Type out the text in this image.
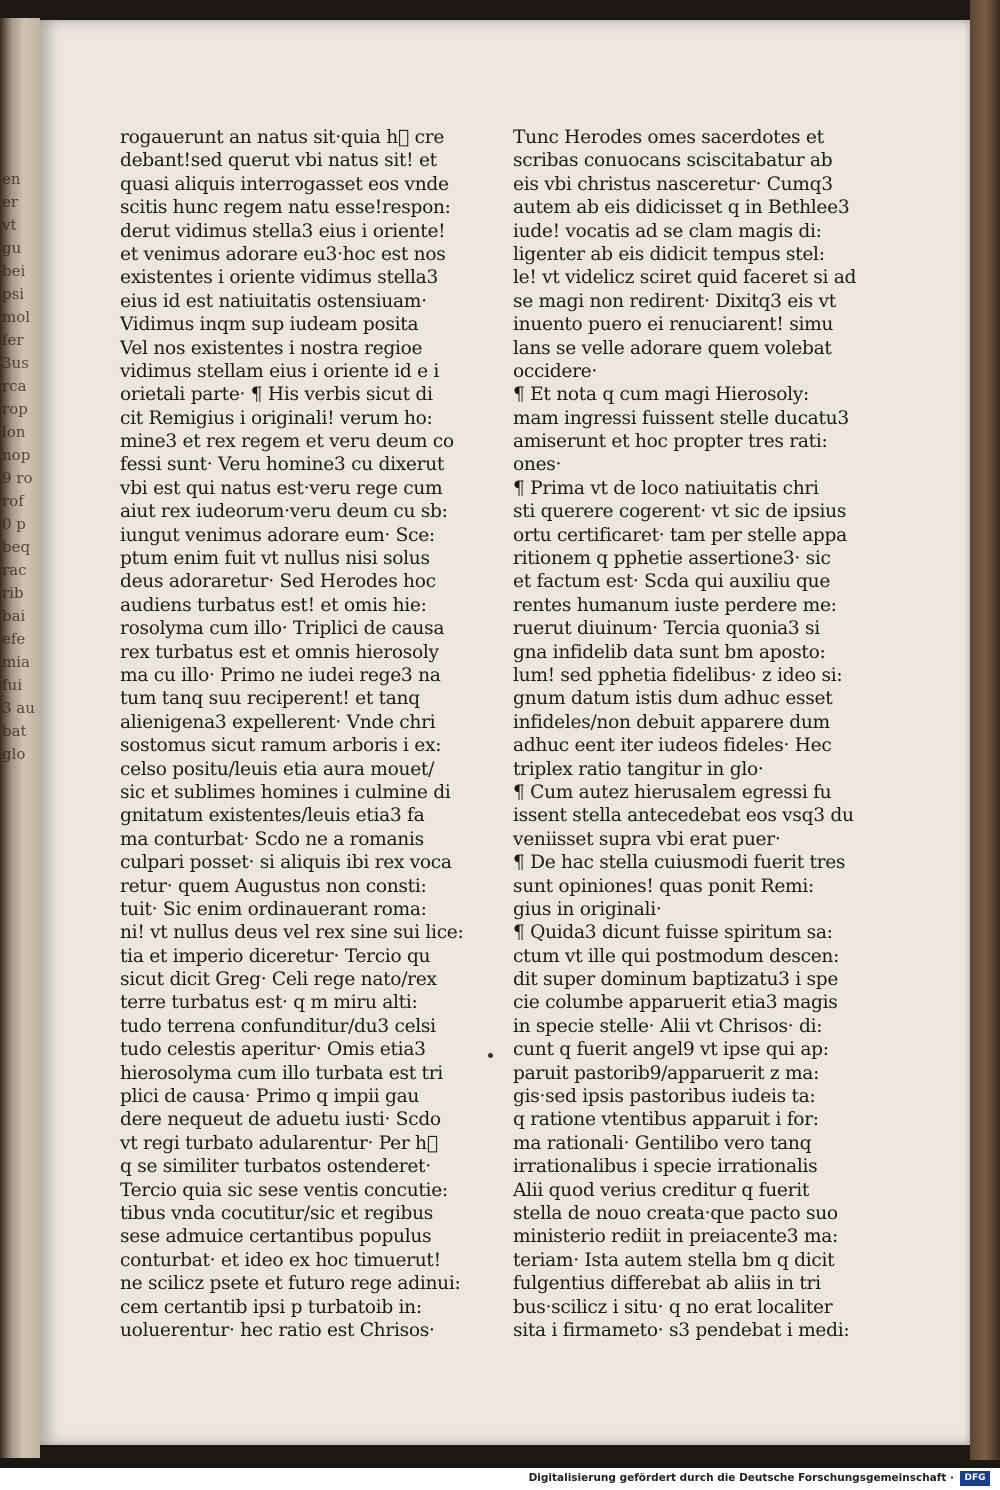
en
er
vt
gu
bei
psi
mol
fer
3us
rca
rop
lon
nop
9 ro
rof
0 p
beq
rac
rib
bai
efe
mia
fui
3 au
bat
glo
rogauerunt an natus sit·quia hᷓ cre
debant!sed querut vbi natus sit! et
quasi aliquis interrogasset eos vnde
scitis hunc regem natu esse!respon:
derut vidimus stella3 eius i oriente!
et venimus adorare eu3·hoc est nos
existentes i oriente vidimus stella3
eius id est natiuitatis ostensiuam·
Vidimus inqm sup iudeam posita
Vel nos existentes i nostra regioe
vidimus stellam eius i oriente id e i
orietali parte· ¶ His verbis sicut di
cit Remigius i originali! verum ho:
mine3 et rex regem et veru deum co
fessi sunt· Veru homine3 cu dixerut
vbi est qui natus est·veru rege cum
aiut rex iudeorum·veru deum cu sb:
iungut venimus adorare eum· Sce:
ptum enim fuit vt nullus nisi solus
deus adoraretur· Sed Herodes hoc
audiens turbatus est! et omis hie:
rosolyma cum illo· Triplici de causa
rex turbatus est et omnis hierosoly
ma cu illo· Primo ne iudei rege3 na
tum tanq suu reciperent! et tanq
alienigena3 expellerent· Vnde chri
sostomus sicut ramum arboris i ex:
celso positu/leuis etia aura mouet/
sic et sublimes homines i culmine di
gnitatum existentes/leuis etia3 fa
ma conturbat· Scdo ne a romanis
culpari posset· si aliquis ibi rex voca
retur· quem Augustus non consti:
tuit· Sic enim ordinauerant roma:
ni! vt nullus deus vel rex sine sui lice:
tia et imperio diceretur· Tercio qu
sicut dicit Greg· Celi rege nato/rex
terre turbatus est· q m miru alti:
tudo terrena confunditur/du3 celsi
tudo celestis aperitur· Omis etia3
hierosolyma cum illo turbata est tri
plici de causa· Primo q impii gau
dere nequeut de aduetu iusti· Scdo
vt regi turbato adularentur· Per hᷓ
q se similiter turbatos ostenderet·
Tercio quia sic sese ventis concutie:
tibus vnda cocutitur/sic et regibus
sese admuice certantibus populus
conturbat· et ideo ex hoc timuerut!
ne scilicz psete et futuro rege adinui:
cem certantib ipsi p turbatoib in:
uoluerentur· hec ratio est Chrisos·
Tunc Herodes omes sacerdotes et
scribas conuocans sciscitabatur ab
eis vbi christus nasceretur· Cumq3
autem ab eis didicisset q in Bethlee3
iude! vocatis ad se clam magis di:
ligenter ab eis didicit tempus stel:
le! vt videlicz sciret quid faceret si ad
se magi non redirent· Dixitq3 eis vt
inuento puero ei renuciarent! simu
lans se velle adorare quem volebat
occidere·
¶ Et nota q cum magi Hierosoly:
mam ingressi fuissent stelle ducatu3
amiserunt et hoc propter tres rati:
ones·
¶ Prima vt de loco natiuitatis chri
sti querere cogerent· vt sic de ipsius
ortu certificaret· tam per stelle appa
ritionem q pphetie assertione3· sic
et factum est· Scda qui auxiliu que
rentes humanum iuste perdere me:
ruerut diuinum· Tercia quonia3 si
gna infidelib data sunt bm aposto:
lum! sed pphetia fidelibus· z ideo si:
gnum datum istis dum adhuc esset
infideles/non debuit apparere dum
adhuc eent iter iudeos fideles· Hec
triplex ratio tangitur in glo·
¶ Cum autez hierusalem egressi fu
issent stella antecedebat eos vsq3 du
veniisset supra vbi erat puer·
¶ De hac stella cuiusmodi fuerit tres
sunt opiniones! quas ponit Remi:
gius in originali·
¶ Quida3 dicunt fuisse spiritum sa:
ctum vt ille qui postmodum descen:
dit super dominum baptizatu3 i spe
cie columbe apparuerit etia3 magis
in specie stelle· Alii vt Chrisos· di:
cunt q fuerit angel9 vt ipse qui ap:
paruit pastorib9/apparuerit z ma:
gis·sed ipsis pastoribus iudeis ta:
q ratione vtentibus apparuit i for:
ma rationali· Gentilibo vero tanq
irrationalibus i specie irrationalis
Alii quod verius creditur q fuerit
stella de nouo creata·que pacto suo
ministerio rediit in preiacente3 ma:
teriam· Ista autem stella bm q dicit
fulgentius differebat ab aliis in tri
bus·scilicz i situ· q no erat localiter
sita i firmameto· s3 pendebat i medi:
Digitalisierung gefördert durch die Deutsche Forschungsgemeinschaft ·	DFG
